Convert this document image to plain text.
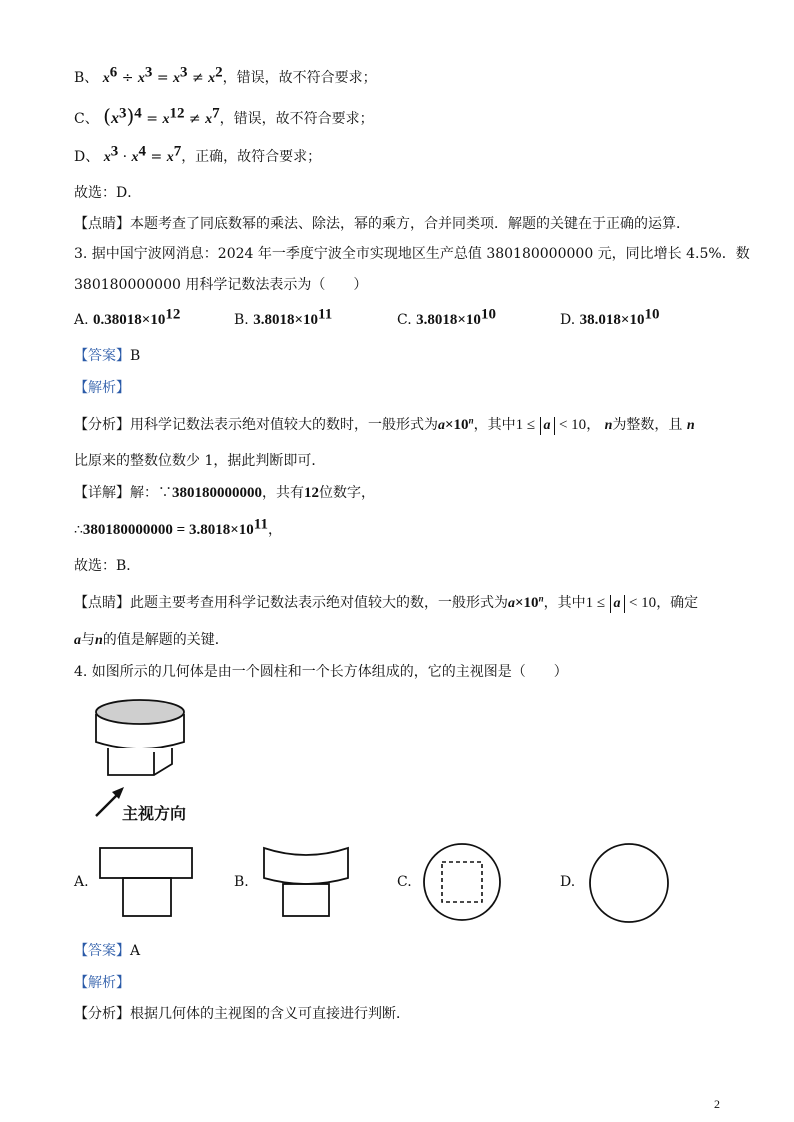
B、 $x^6 \div x^3 = x^3 \ne x^2$，错误，故不符合要求；
C、 $(x^3)^4 = x^{12} \ne x^7$，错误，故不符合要求；
D、 $x^3 \cdot x^4 = x^7$，正确，故符合要求；
故选：D．
【点睛】本题考查了同底数幂的乘法、除法，幂的乘方，合并同类项．解题的关键在于正确的运算．
3. 据中国宁波网消息：2024 年一季度宁波全市实现地区生产总值 380180000000 元，同比增长 4.5%．数
380180000000 用科学记数法表示为（　　）
A. $0.38018\times 10^{12}$	B. $3.8018\times 10^{11}$	C. $3.8018\times 10^{10}$	D. $38.018\times 10^{10}$
【答案】B
【解析】
【分析】用科学记数法表示绝对值较大的数时，一般形式为$a\times 10^n$，其中1 ≤ a < 10， n为整数，且 n
比原来的整数位数少 1，据此判断即可．
【详解】解：∵380180000000，共有12位数字，
∴380180000000 = $3.8018\times 10^{11}$，
故选：B．
【点睛】此题主要考查用科学记数法表示绝对值较大的数，一般形式为$a\times 10^n$，其中1 ≤ a < 10，确定
a与n的值是解题的关键．
4. 如图所示的几何体是由一个圆柱和一个长方体组成的，它的主视图是（　　）
主视方向
A.	B.	C.	D.
【答案】A
【解析】
【分析】根据几何体的主视图的含义可直接进行判断．
2
